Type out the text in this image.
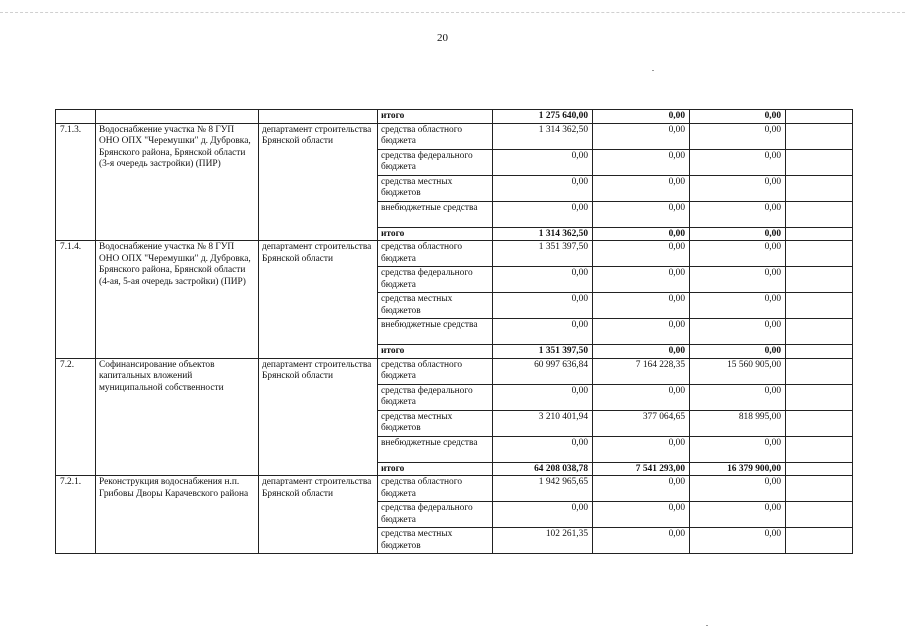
20
			итого	1 275 640,00	0,00	0,00	
7.1.3.	Водоснабжение участка № 8 ГУП ОНО ОПХ "Черемушки" д. Дубровка, Брянского района, Брянской области (3-я очередь застройки) (ПИР)	департамент строительства Брянской области	средства областного бюджета	1 314 362,50	0,00	0,00	
			средства федерального бюджета	0,00	0,00	0,00	
			средства местных бюджетов	0,00	0,00	0,00	
			внебюджетные средства	0,00	0,00	0,00	
			итого	1 314 362,50	0,00	0,00	
7.1.4.	Водоснабжение участка № 8 ГУП ОНО ОПХ "Черемушки" д. Дубровка, Брянского района, Брянской области (4-ая, 5-ая очередь застройки) (ПИР)	департамент строительства Брянской области	средства областного бюджета	1 351 397,50	0,00	0,00	
			средства федерального бюджета	0,00	0,00	0,00	
			средства местных бюджетов	0,00	0,00	0,00	
			внебюджетные средства	0,00	0,00	0,00	
			итого	1 351 397,50	0,00	0,00	
7.2.	Софинансирование объектов капитальных вложений муниципальной собственности	департамент строительства Брянской области	средства областного бюджета	60 997 636,84	7 164 228,35	15 560 905,00	
			средства федерального бюджета	0,00	0,00	0,00	
			средства местных бюджетов	3 210 401,94	377 064,65	818 995,00	
			внебюджетные средства	0,00	0,00	0,00	
			итого	64 208 038,78	7 541 293,00	16 379 900,00	
7.2.1.	Реконструкция водоснабжения н.п. Грибовы Дворы Карачевского района	департамент строительства Брянской области	средства областного бюджета	1 942 965,65	0,00	0,00	
			средства федерального бюджета	0,00	0,00	0,00	
			средства местных бюджетов	102 261,35	0,00	0,00	
